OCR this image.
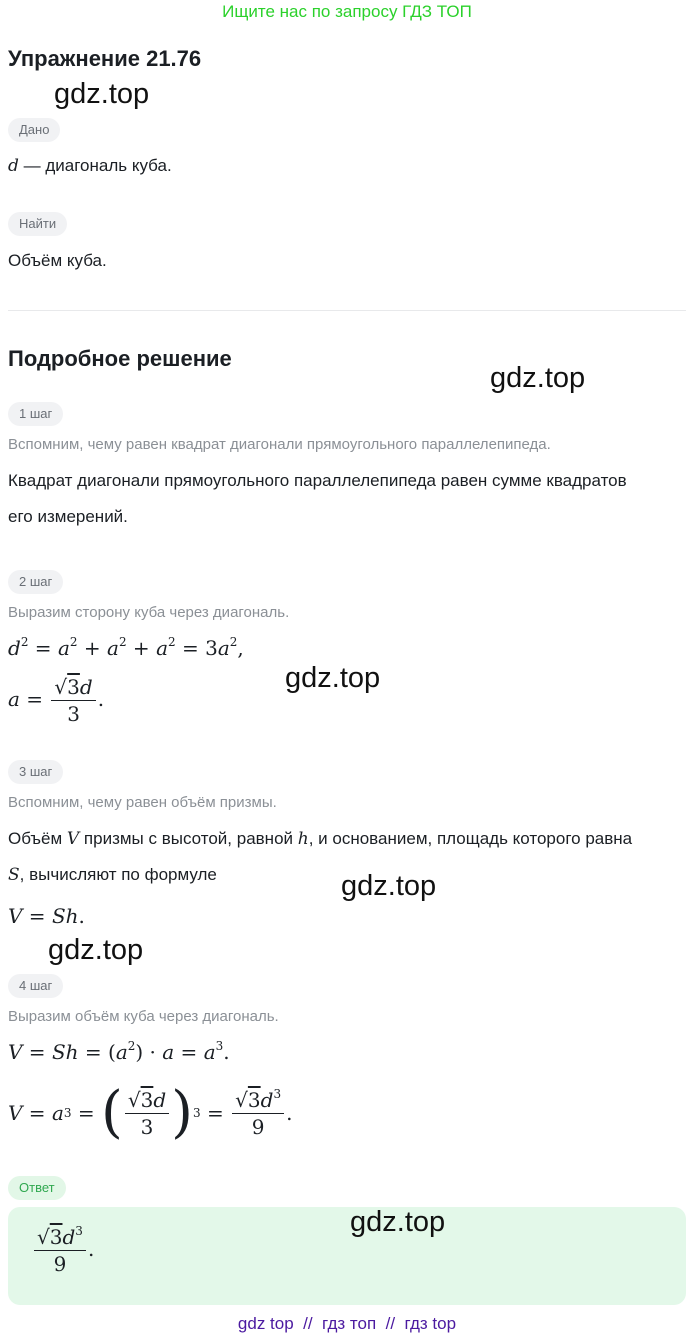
Ищите нас по запросу ГДЗ ТОП
Упражнение 21.76
gdz.top
Дано
d — диагональ куба.
Найти
Объём куба.
Подробное решение
gdz.top
1 шаг
Вспомним, чему равен квадрат диагонали прямоугольного параллелепипеда.
Квадрат диагонали прямоугольного параллелепипеда равен сумме квадратов
его измерений.
2 шаг
Выразим сторону куба через диагональ.
$d^2 = a^2 + a^2 + a^2 = 3a^2$,
$a = \frac{√3d}{3}$ .
gdz.top
3 шаг
Вспомним, чему равен объём призмы.
Объём V призмы с высотой, равной h, и основанием, площадь которого равна
S, вычисляют по формуле	gdz.top
V = Sh.
gdz.top
4 шаг
Выразим объём куба через диагональ.
$V = Sh = (a^2) \cdot a = a^3$.
V = a 3 = ( $\frac{√3d}{3}$ ) $3 = \frac{√3d^3}{9}$ .
Ответ
$\frac{√3d^3}{9}$ .
gdz.top
gdz top // гдз топ // гдз top
